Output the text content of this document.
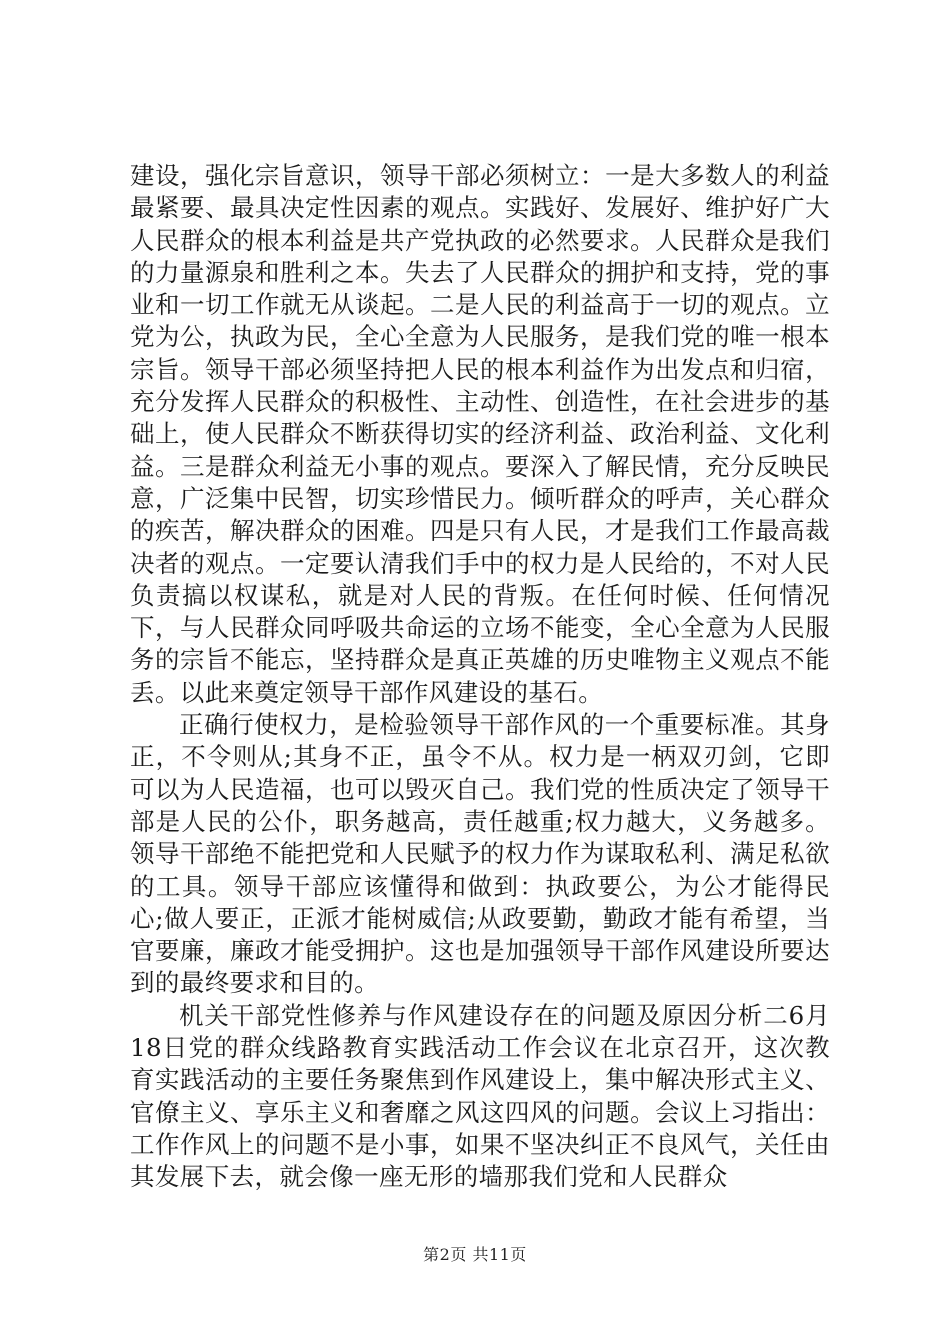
建设，强化宗旨意识，领导干部必须树立：一是大多数人的利益最紧要、最具决定性因素的观点。实践好、发展好、维护好广大人民群众的根本利益是共产党执政的必然要求。人民群众是我们的力量源泉和胜利之本。失去了人民群众的拥护和支持，党的事业和一切工作就无从谈起。二是人民的利益高于一切的观点。立党为公，执政为民，全心全意为人民服务，是我们党的唯一根本宗旨。领导干部必须坚持把人民的根本利益作为出发点和归宿，充分发挥人民群众的积极性、主动性、创造性，在社会进步的基础上，使人民群众不断获得切实的经济利益、政治利益、文化利益。三是群众利益无小事的观点。要深入了解民情，充分反映民意，广泛集中民智，切实珍惜民力。倾听群众的呼声，关心群众的疾苦，解决群众的困难。四是只有人民，才是我们工作最高裁决者的观点。一定要认清我们手中的权力是人民给的，不对人民负责搞以权谋私，就是对人民的背叛。在任何时候、任何情况下，与人民群众同呼吸共命运的立场不能变，全心全意为人民服务的宗旨不能忘，坚持群众是真正英雄的历史唯物主义观点不能丢。以此来奠定领导干部作风建设的基石。

正确行使权力，是检验领导干部作风的一个重要标准。其身正，不令则从;其身不正，虽令不从。权力是一柄双刃剑，它即可以为人民造福，也可以毁灭自己。我们党的性质决定了领导干部是人民的公仆，职务越高，责任越重;权力越大，义务越多。领导干部绝不能把党和人民赋予的权力作为谋取私利、满足私欲的工具。领导干部应该懂得和做到：执政要公，为公才能得民心;做人要正，正派才能树威信;从政要勤，勤政才能有希望，当官要廉，廉政才能受拥护。这也是加强领导干部作风建设所要达到的最终要求和目的。

机关干部党性修养与作风建设存在的问题及原因分析二6月18日党的群众线路教育实践活动工作会议在北京召开，这次教育实践活动的主要任务聚焦到作风建设上，集中解决形式主义、官僚主义、享乐主义和奢靡之风这四风的问题。会议上习指出：工作作风上的问题不是小事，如果不坚决纠正不良风气，关任由其发展下去，就会像一座无形的墙那我们党和人民群众

第2页 共11页
